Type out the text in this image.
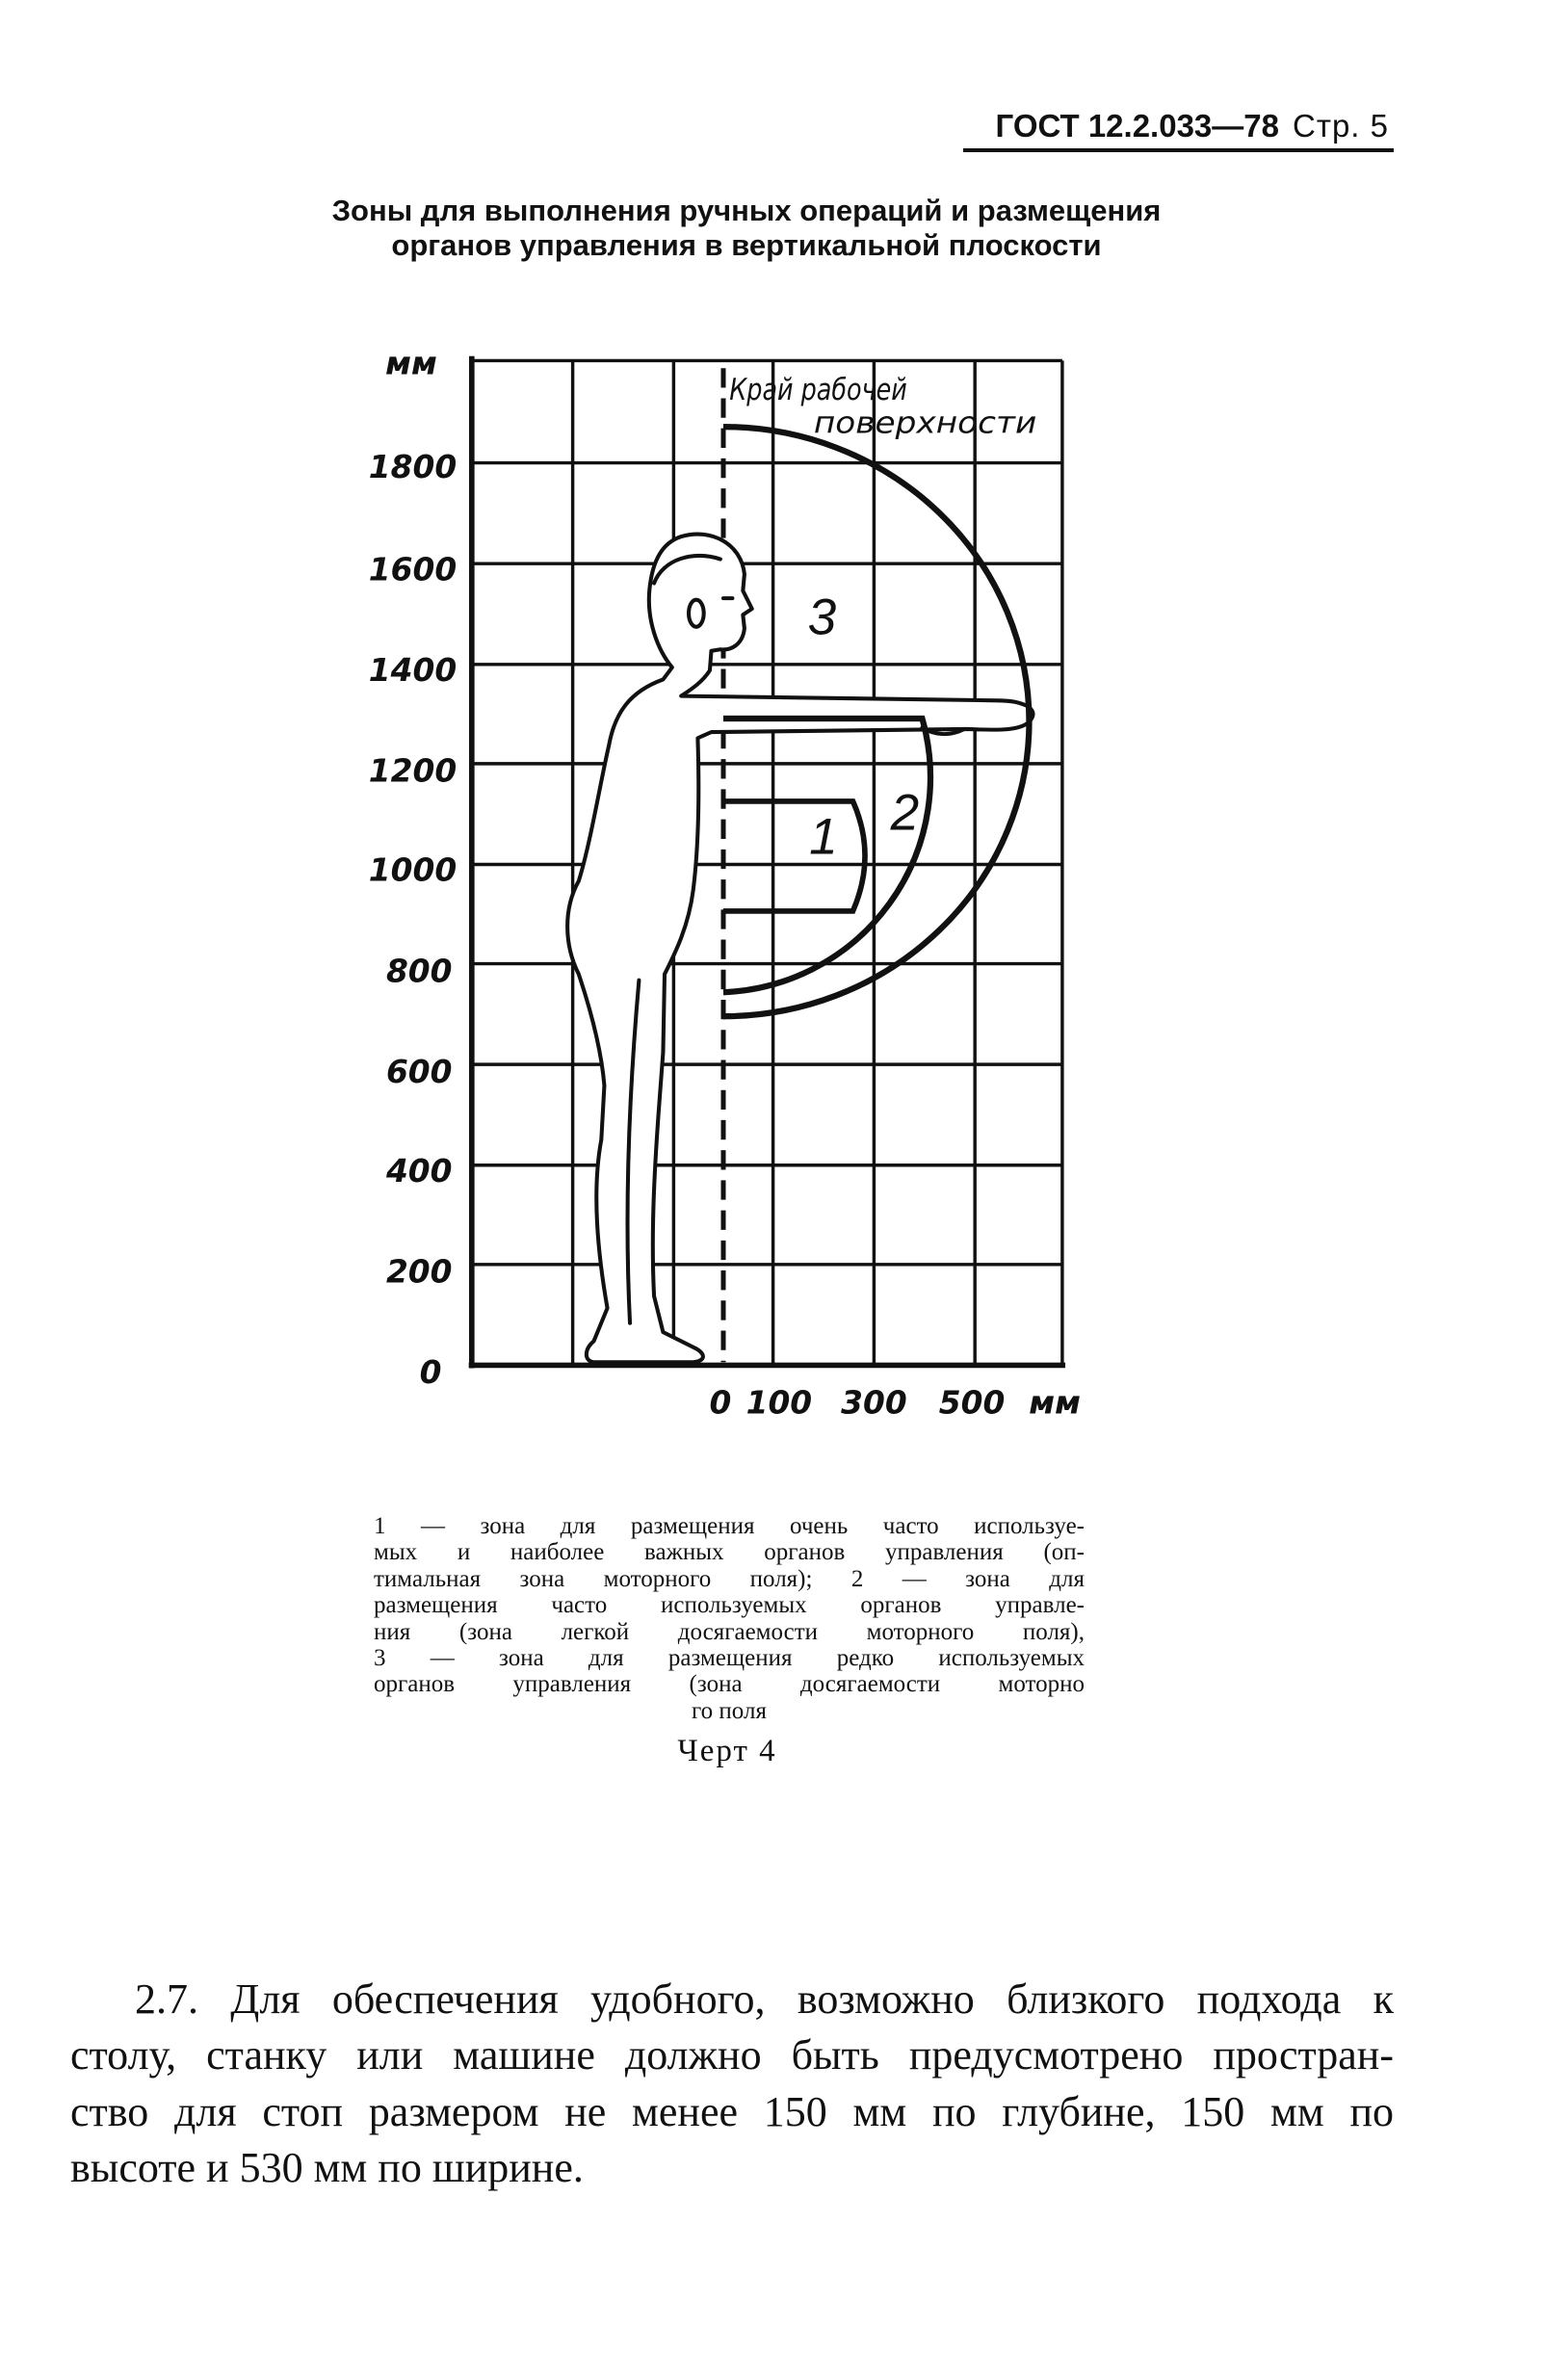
ГОСТ 12.2.033—78 Стр. 5
Зоны для выполнения ручных операций и размещения
органов управления в вертикальной плоскости
мм
1800
1600
1400
1200
1000
800
600
400
200
0
0 100 300 500 мм
Край рабочей
поверхности
3
2
1
1 — зона для размещения очень часто используе-
мых и наиболее важных органов управления (оп-
тимальная зона моторного поля); 2 — зона для
размещения часто используемых органов управле-
ния (зона легкой досягаемости моторного поля),
3 — зона для размещения редко используемых
органов управления (зона досягаемости моторно
го поля
Черт 4
2.7. Для обеспечения удобного, возможно близкого подхода к
столу, станку или машине должно быть предусмотрено простран-
ство для стоп размером не менее 150 мм по глубине, 150 мм по
высоте и 530 мм по ширине.
